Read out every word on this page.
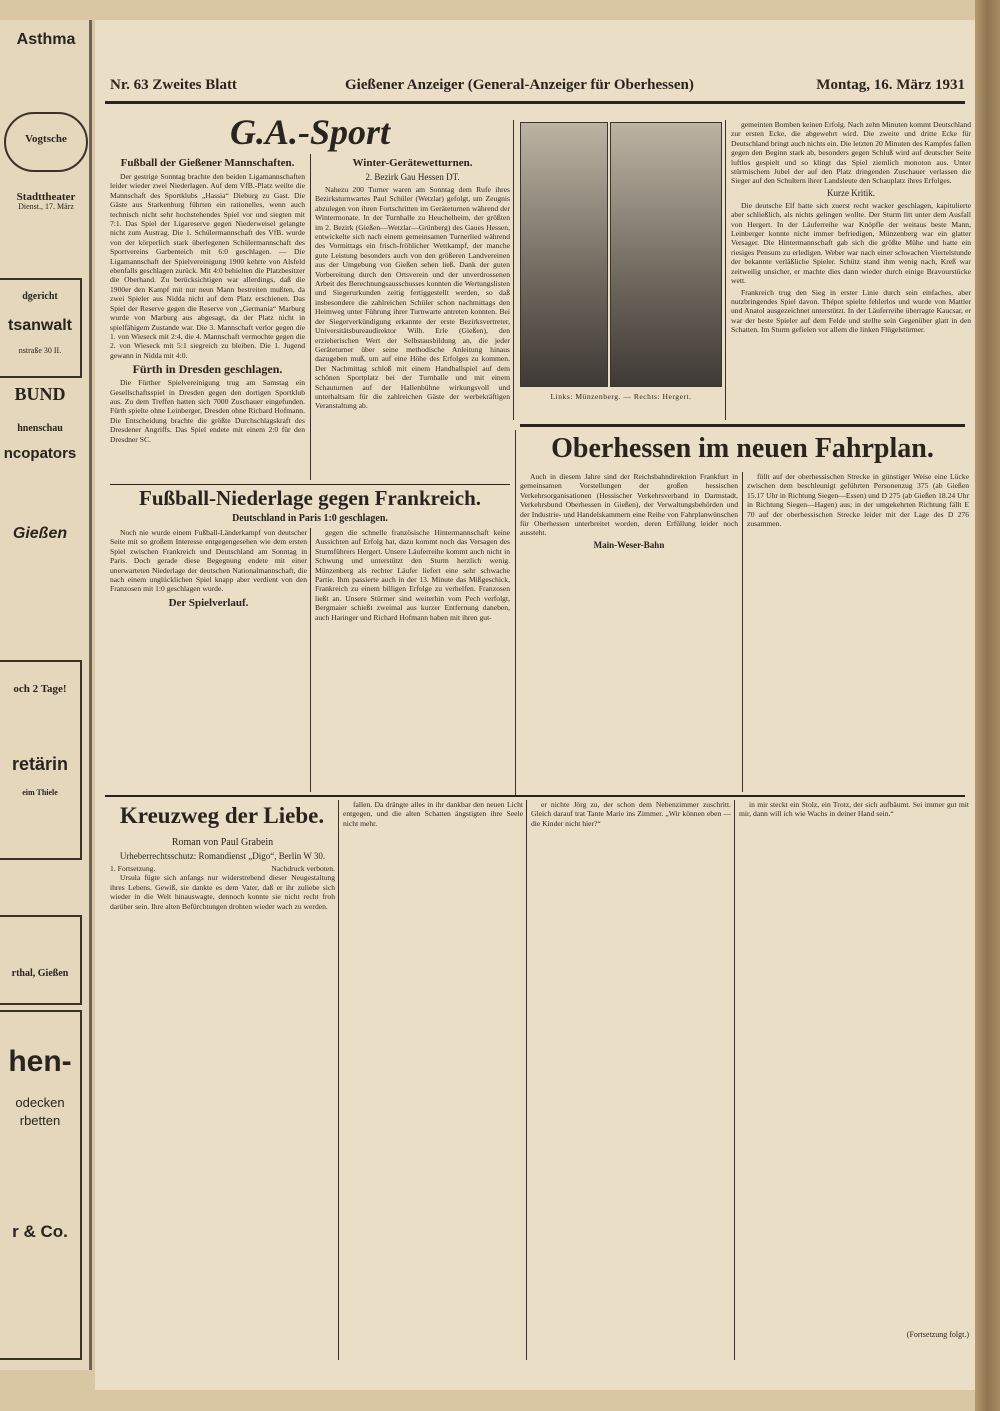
Asthma
Vogtsche
Stadttheater
Dienst., 17. März
dgericht
tsanwalt
nstraße 30 II.
BUND
hnenschau
ncopators
Gießen
och 2 Tage!
retärin
eim Thiele
rthal, Gießen
hen-
odecken
rbetten
r & Co.
Nr. 63 Zweites Blatt	Gießener Anzeiger (General-Anzeiger für Oberhessen)	Montag, 16. März 1931
G.A.-Sport
Fußball der Gießener Mannschaften.

Der gestrige Sonntag brachte den beiden Ligamannschaften leider wieder zwei Niederlagen. Auf dem VfB.-Platz weilte die Mannschaft des Sportklubs „Hassia“ Dieburg zu Gast. Die Gäste aus Starkenburg führten ein rationelles, wenn auch technisch nicht sehr hochstehendes Spiel vor und siegten mit 7:1. Das Spiel der Ligareserve gegen Niederweisel gelangte nicht zum Austrag. Die 1. Schülermannschaft des VfB. wurde von der körperlich stark überlegenen Schülermannschaft des Sportvereins Garbenteich mit 6:0 geschlagen. — Die Ligamannschaft der Spielvereinigung 1900 kehrte von Alsfeld ebenfalls geschlagen zurück. Mit 4:0 behielten die Platzbesitzer die Oberhand. Zu berücksichtigen war allerdings, daß die 1900er den Kampf mit nur neun Mann bestreiten mußten, da zwei Spieler aus Nidda nicht auf dem Platz erschienen. Das Spiel der Reserve gegen die Reserve von „Germania“ Marburg wurde von Marburg aus abgesagt, da der Platz nicht in spielfähigem Zustande war. Die 3. Mannschaft verlor gegen die 1. von Wieseck mit 2:4, die 4. Mannschaft vermochte gegen die 2. von Wieseck mit 5:1 siegreich zu bleiben. Die 1. Jugend gewann in Nidda mit 4:0.

Fürth in Dresden geschlagen.

Die Fürther Spielvereinigung trug am Samstag ein Gesellschaftsspiel in Dresden gegen den dortigen Sportklub aus. Zu dem Treffen hatten sich 7000 Zuschauer eingefunden. Fürth spielte ohne Leinberger, Dresden ohne Richard Hofmann. Die Entscheidung brachte die größte Durchschlagskraft des Dresdener Angriffs. Das Spiel endete mit einem 2:0 für den Dresdner SC.

Winter-Gerätewetturnen.
2. Bezirk Gau Hessen DT.

Nahezu 200 Turner waren am Sonntag dem Rufe ihres Bezirksturnwartes Paul Schüler (Wetzlar) gefolgt, um Zeugnis abzulegen von ihren Fortschritten im Geräteturnen während der Wintermonate. In der Turnhalle zu Heuchelheim, der größten im 2. Bezirk (Gießen—Wetzlar—Grünberg) des Gaues Hessen, entwickelte sich nach einem gemeinsamen Turnerlied während des Vormittags ein frisch-fröhlicher Wettkampf, der manche gute Leistung besonders auch von den größeren Landvereinen aus der Umgebung von Gießen sehen ließ. Dank der guten Vorbereitung durch den Ortsverein und der unverdrossenen Arbeit des Berechnungsausschusses konnten die Wertungslisten und Siegerurkunden zeitig fertiggestellt werden, so daß insbesondere die zahlreichen Schüler schon nachmittags den Heimweg unter Führung ihrer Turnwarte antreten konnten. Bei der Siegerverkündigung erkannte der erste Bezirksvertreter, Universitätsbureaudirektor Wilh. Erle (Gießen), den erzieherischen Wert der Selbstausbildung an, die jeder Geräteturner über seine methodische Anleitung hinaus dazugeben muß, um auf eine Höhe des Erfolges zu kommen. Der Nachmittag schloß mit einem Handballspiel auf dem schönen Sportplatz bei der Turnhalle und mit einem Schauturnen auf der Hallenbühne wirkungsvoll und unterhaltsam für die zahlreichen Gäste der werbekräftigen Veranstaltung ab.

Links: Münzenberg. — Rechts: Hergert.

gemeinten Bomben keinen Erfolg. Nach zehn Minuten kommt Deutschland zur ersten Ecke, die abgewehrt wird. Die zweite und dritte Ecke für Deutschland bringt auch nichts ein. Die letzten 20 Minuten des Kampfes fallen gegen den Beginn stark ab, besonders gegen Schluß wird auf deutscher Seite luftlos gespielt und so klingt das Spiel ziemlich monoton aus. Unter stürmischem Jubel der auf den Platz dringenden Zuschauer verlassen die Sieger auf den Schultern ihrer Landsleute den Schauplatz ihres Erfolges.

Kurze Kritik.

Die deutsche Elf hatte sich zuerst recht wacker geschlagen, kapitulierte aber schließlich, als nichts gelingen wollte. Der Sturm litt unter dem Ausfall von Hergert. In der Läuferreihe war Knöpfle der weitaus beste Mann, Leinberger konnte nicht immer befriedigen, Münzenberg war ein glatter Versager. Die Hintermannschaft gab sich die größte Mühe und hatte ein riesiges Pensum zu erledigen. Weber war nach einer schwachen Viertelstunde der bekannte verläßliche Spieler. Schütz stand ihm wenig nach, Kreß war zeitweilig unsicher, er machte dies dann wieder durch einige Bravourstücke wett.

Frankreich trug den Sieg in erster Linie durch sein einfaches, aber nutzbringendes Spiel davon. Thépot spielte fehlerlos und wurde von Mattler und Anatol ausgezeichnet unterstützt. In der Läuferreihe überragte Kaucsar, er war der beste Spieler auf dem Felde und stellte sein Gegenüber glatt in den Schatten. Im Sturm gefielen vor allem die linken Flügelstürmer.

Oberhessen im neuen Fahrplan.

Auch in diesem Jahre sind der Reichsbahndirektion Frankfurt in gemeinsamen Vorstellungen der großen hessischen Verkehrsorganisationen (Hessischer Verkehrsverband in Darmstadt, Verkehrsbund Oberhessen in Gießen), der Verwaltungsbehörden und der Industrie- und Handelskammern eine Reihe von Fahrplanwünschen für Oberhessen unterbreitet worden, deren Erfüllung leider noch aussteht.

Main-Weser-Bahn

füllt auf der oberhessischen Strecke in günstiger Weise eine Lücke zwischen dem beschleunigt geführten Personenzug 375 (ab Gießen 15.17 Uhr in Richtung Siegen—Essen) und D 275 (ab Gießen 18.24 Uhr in Richtung Siegen—Hagen) aus; in der umgekehrten Richtung fällt E 70 auf der oberhessischen Strecke leider mit der Lage des D 276 zusammen.

Fußball-Niederlage gegen Frankreich.
Deutschland in Paris 1:0 geschlagen.

Noch nie wurde einem Fußball-Länderkampf von deutscher Seite mit so großem Interesse entgegengesehen wie dem ersten Spiel zwischen Frankreich und Deutschland am Sonntag in Paris. Doch gerade diese Begegnung endete mit einer unerwarteten Niederlage der deutschen Nationalmannschaft, die nach einem unglücklichen Spiel knapp aber verdient von den Franzosen mit 1:0 geschlagen wurde.

Der Spielverlauf.

gegen die schnelle französische Hintermannschaft keine Aussichten auf Erfolg hat, dazu kommt noch das Versagen des Sturmführers Hergert. Unsere Läuferreihe kommt auch nicht in Schwung und unterstützt den Sturm herzlich wenig. Münzenberg als rechter Läufer liefert eine sehr schwache Partie. Ihm passierte auch in der 13. Minute das Mißgeschick, Frankreich zu einem billigen Erfolge zu verhelfen. Franzosen ließt an. Unsere Stürmer sind weiterhin vom Pech verfolgt, Bergmaier schießt zweimal aus kurzer Entfernung daneben, auch Haringer und Richard Hofmann haben mit ihren gut-

Kreuzweg der Liebe.
Roman von Paul Grabein
Urheberrechtsschutz: Romandienst „Digo“, Berlin W 30.
1. Fortsetzung.	Nachdruck verboten.

Ursula fügte sich anfangs nur widerstrebend dieser Neugestaltung ihres Lebens. Gewiß, sie dankte es dem Vater, daß er ihr zuliebe sich wieder in die Welt hinauswagte, dennoch konnte sie nicht recht froh darüber sein. Ihre alten Befürchtungen drohten wieder wach zu werden.

fallen. Da drängte alles in ihr dankbar den neuen Licht entgegen, und die alten Schatten ängstigten ihre Seele nicht mehr.

er nichte Jörg zu, der schon dem Nebenzimmer zuschritt. Gleich darauf trat Tante Marie ins Zimmer. „Wir können eben — die Kinder nicht hier?“

in mir steckt ein Stolz, ein Trotz, der sich aufbäumt. Sei immer gut mit mir, dann will ich wie Wachs in deiner Hand sein.“

(Fortsetzung folgt.)
